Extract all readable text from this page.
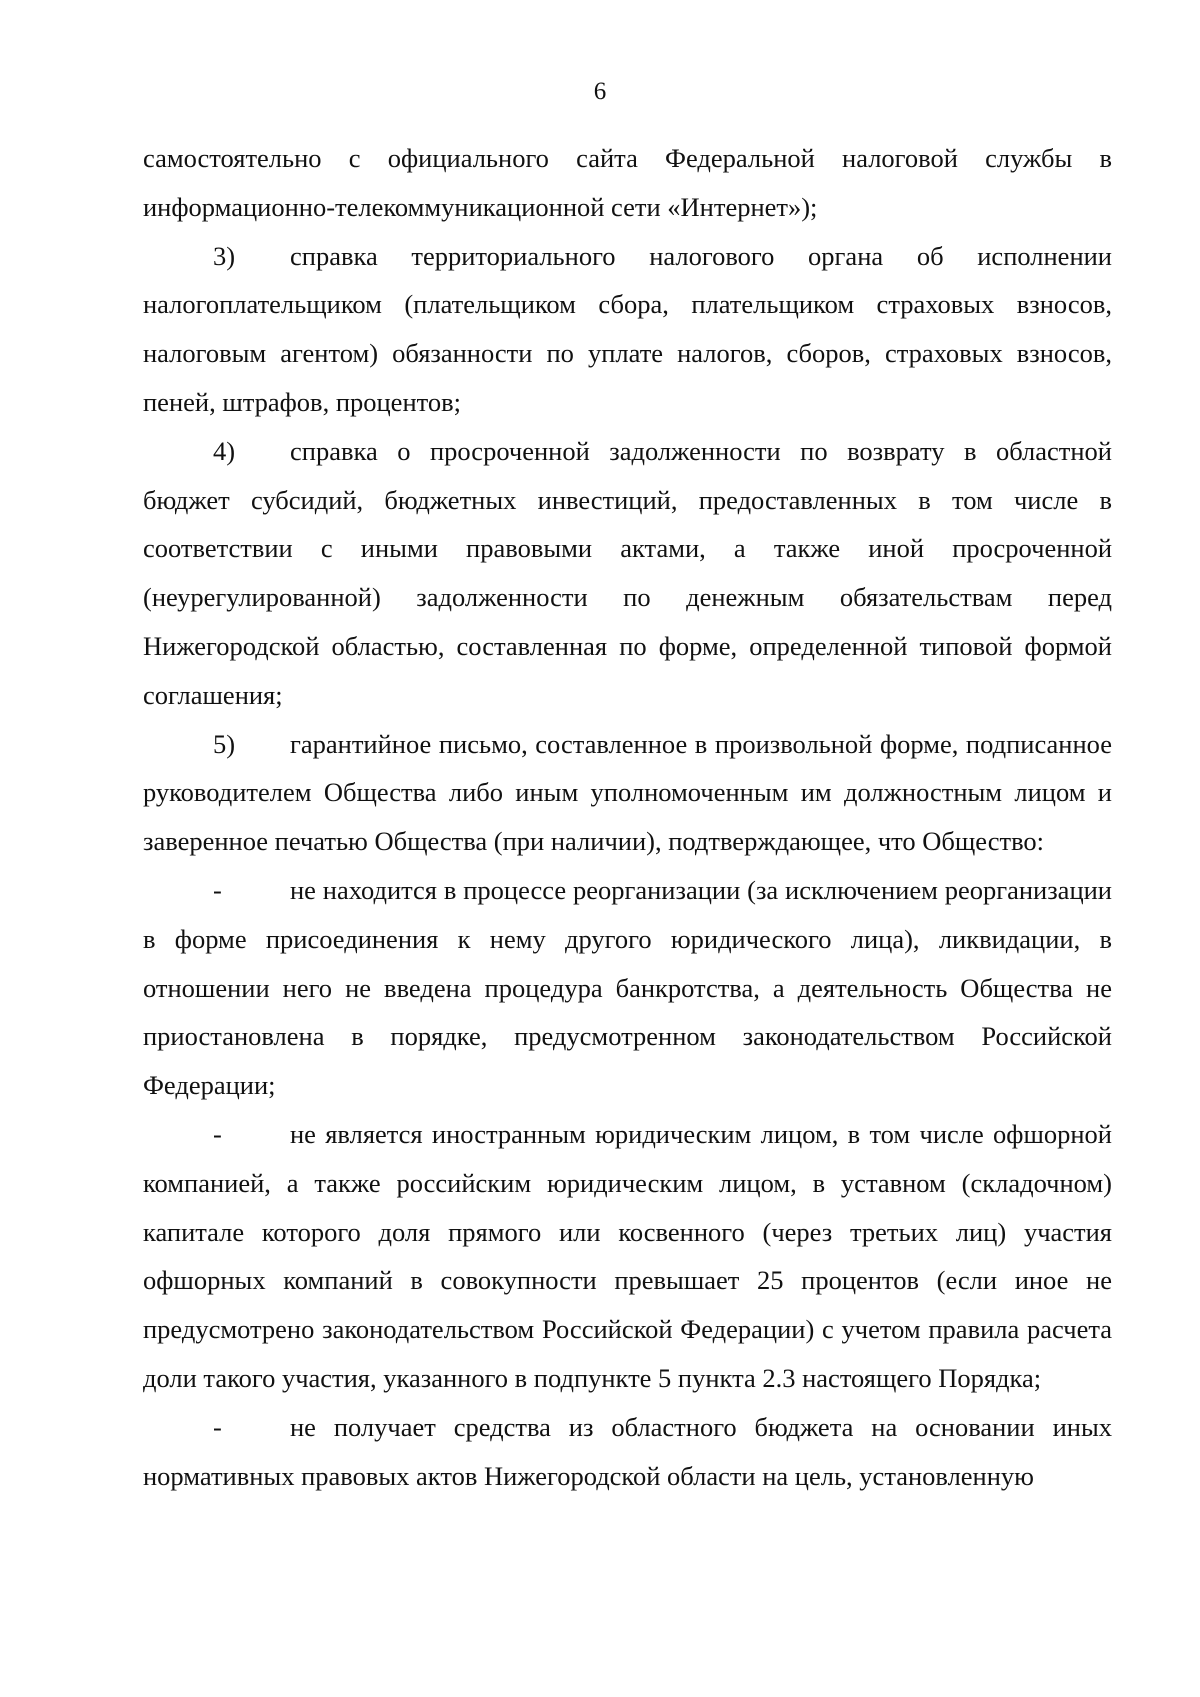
6

самостоятельно с официального сайта Федеральной налоговой службы в информационно-телекоммуникационной сети «Интернет»);

3) справка территориального налогового органа об исполнении налогоплательщиком (плательщиком сбора, плательщиком страховых взносов, налоговым агентом) обязанности по уплате налогов, сборов, страховых взносов, пеней, штрафов, процентов;

4) справка о просроченной задолженности по возврату в областной бюджет субсидий, бюджетных инвестиций, предоставленных в том числе в соответствии с иными правовыми актами, а также иной просроченной (неурегулированной) задолженности по денежным обязательствам перед Нижегородской областью, составленная по форме, определенной типовой формой соглашения;

5) гарантийное письмо, составленное в произвольной форме, подписанное руководителем Общества либо иным уполномоченным им должностным лицом и заверенное печатью Общества (при наличии), подтверждающее, что Общество:

-	не находится в процессе реорганизации (за исключением реорганизации в форме присоединения к нему другого юридического лица), ликвидации, в отношении него не введена процедура банкротства, а деятельность Общества не приостановлена в порядке, предусмотренном законодательством Российской Федерации;

-	не является иностранным юридическим лицом, в том числе офшорной компанией, а также российским юридическим лицом, в уставном (складочном) капитале которого доля прямого или косвенного (через третьих лиц) участия офшорных компаний в совокупности превышает 25 процентов (если иное не предусмотрено законодательством Российской Федерации) с учетом правила расчета доли такого участия, указанного в подпункте 5 пункта 2.3 настоящего Порядка;

-	не получает средства из областного бюджета на основании иных нормативных правовых актов Нижегородской области на цель, установленную
